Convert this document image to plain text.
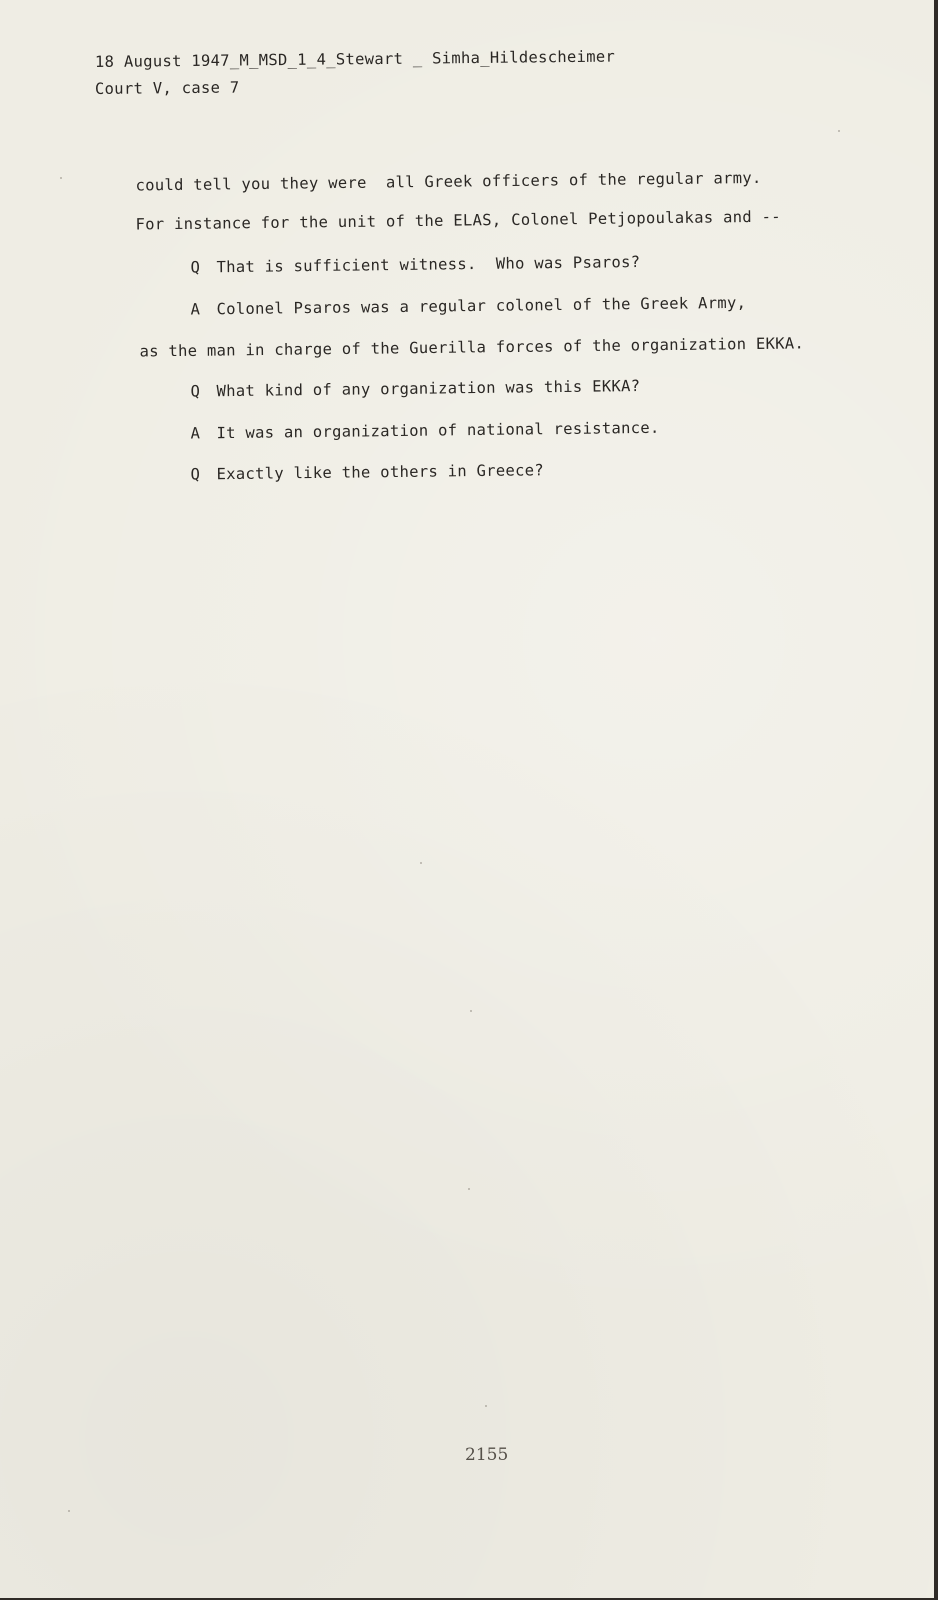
18 August 1947_M_MSD_1_4_Stewart _ Simha_Hildescheimer
Court V, case 7

could tell you they were  all Greek officers of the regular army.

For instance for the unit of the ELAS, Colonel Petjopoulakas and --

Q That is sufficient witness.  Who was Psaros?

A Colonel Psaros was a regular colonel of the Greek Army,

as the man in charge of the Guerilla forces of the organization EKKA.

Q What kind of any organization was this EKKA?

A It was an organization of national resistance.

Q Exactly like the others in Greece?

2155
